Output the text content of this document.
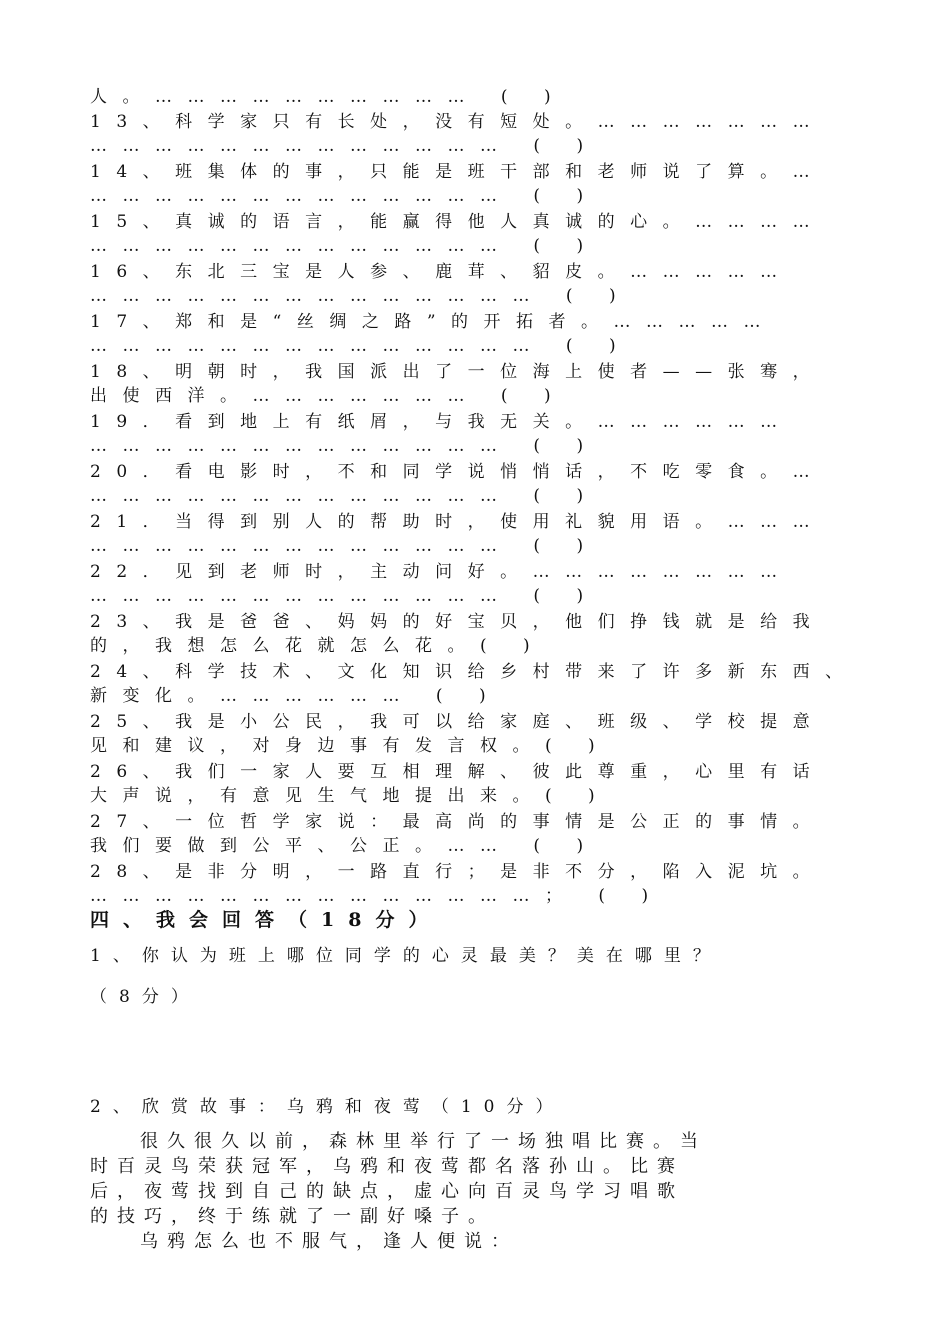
人。………………………… ( )
13、科学家只有长处，没有短处。…………………
………………………………… ( )
14、班集体的事，只能是班干部和老师说了算。…
………………………………… ( )
15、真诚的语言，能赢得他人真诚的心。…………
………………………………… ( )
16、东北三宝是人参、鹿茸、貂皮。……………
…………………………………… ( )
17、郑和是“丝绸之路”的开拓者。……………
…………………………………… ( )
18、明朝时，我国派出了一位海上使者——张骞，
出使西洋。………………… ( )
19．看到地上有纸屑，与我无关。………………
………………………………… ( )
20．看电影时，不和同学说悄悄话，不吃零食。…
………………………………… ( )
21．当得到别人的帮助时，使用礼貌用语。………
………………………………… ( )
22．见到老师时，主动问好。……………………
………………………………… ( )
23、我是爸爸、妈妈的好宝贝，他们挣钱就是给我
的，我想怎么花就怎么花。( )
24、科学技术、文化知识给乡村带来了许多新东西、
新变化。……………… ( )
25、我是小公民，我可以给家庭、班级、学校提意
见和建议，对身边事有发言权。( )
26、我们一家人要互相理解、彼此尊重，心里有话
大声说，有意见生气地提出来。( )
27、一位哲学家说：最高尚的事情是公正的事情。
我们要做到公平、公正。…… ( )
28、是非分明，一路直行；是非不分，陷入泥坑。
……………………………………； ( )
四、我会回答（18分）
1、你认为班上哪位同学的心灵最美？美在哪里？
（8分）
2、欣赏故事：乌鸦和夜莺（10分）
很久很久以前，森林里举行了一场独唱比赛。当
时百灵鸟荣获冠军，乌鸦和夜莺都名落孙山。比赛
后，夜莺找到自己的缺点，虚心向百灵鸟学习唱歌
的技巧，终于练就了一副好嗓子。
乌鸦怎么也不服气，逢人便说：
